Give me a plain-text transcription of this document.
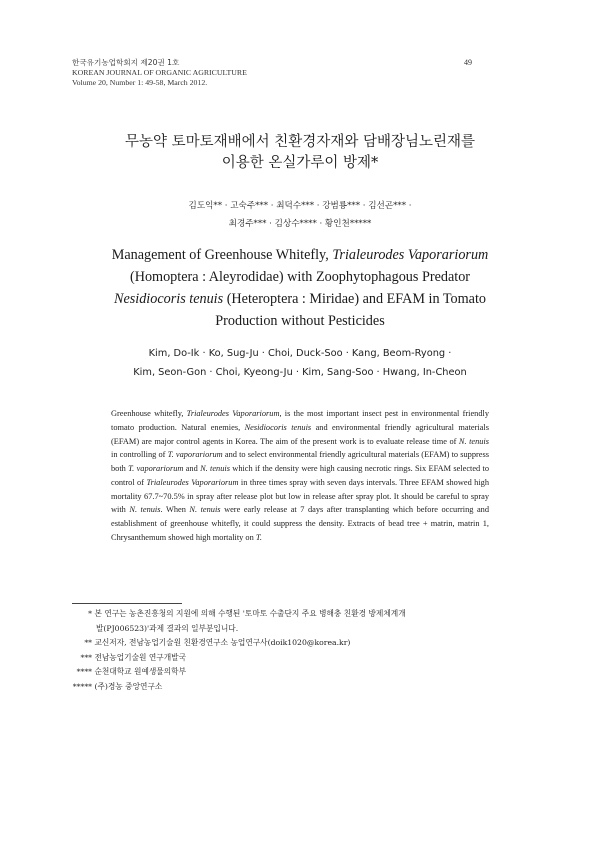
한국유기농업학회지 제20권 1호
KOREAN JOURNAL OF ORGANIC AGRICULTURE
Volume 20, Number 1: 49-58, March 2012.
49
무농약 토마토재배에서 친환경자재와 담배장님노린재를
이용한 온실가루이 방제*
김도익** · 고숙주*** · 최덕수*** · 강범룡*** · 김선곤*** ·
최경주*** · 김상수**** · 황인천*****
Management of Greenhouse Whitefly, Trialeurodes Vaporariorum
(Homoptera : Aleyrodidae) with Zoophytophagous Predator
Nesidiocoris tenuis (Heteroptera : Miridae) and EFAM in Tomato
Production without Pesticides
Kim, Do-Ik · Ko, Sug-Ju · Choi, Duck-Soo · Kang, Beom-Ryong ·
Kim, Seon-Gon · Choi, Kyeong-Ju · Kim, Sang-Soo · Hwang, In-Cheon

Greenhouse whitefly, Trialeurodes Vaporariorum, is the most important insect pest in environmental friendly tomato production. Natural enemies, Nesidiocoris tenuis and environmental friendly agricultural materials (EFAM) are major control agents in Korea. The aim of the present work is to evaluate release time of N. tenuis in controlling of T. vaporariorum and to select environmental friendly agricultural materials (EFAM) to suppress both T. vaporariorum and N. tenuis which if the density were high causing necrotic rings. Six EFAM selected to control of Trialeurodes Vaporariorum in three times spray with seven days intervals. Three EFAM showed high mortality 67.7~70.5% in spray after release plot but low in release after spray plot. It should be careful to spray with N. tenuis. When N. tenuis were early release at 7 days after transplanting which before occurring and establishment of greenhouse whitefly, it could suppress the density. Extracts of bead tree + matrin, matrin 1, Chrysanthemum showed high mortality on T.

* 본 연구는 농촌진흥청의 지원에 의해 수행된 '토마토 수출단지 주요 병해충 친환경 방제체계개
발(PJ006523)'과제 결과의 일부분입니다.
** 교신저자, 전남농업기술원 친환경연구소 농업연구사(doik1020@korea.kr)
*** 전남농업기술원 연구개발국
**** 순천대학교 원예생물의학부
***** (주)경농 중앙연구소
